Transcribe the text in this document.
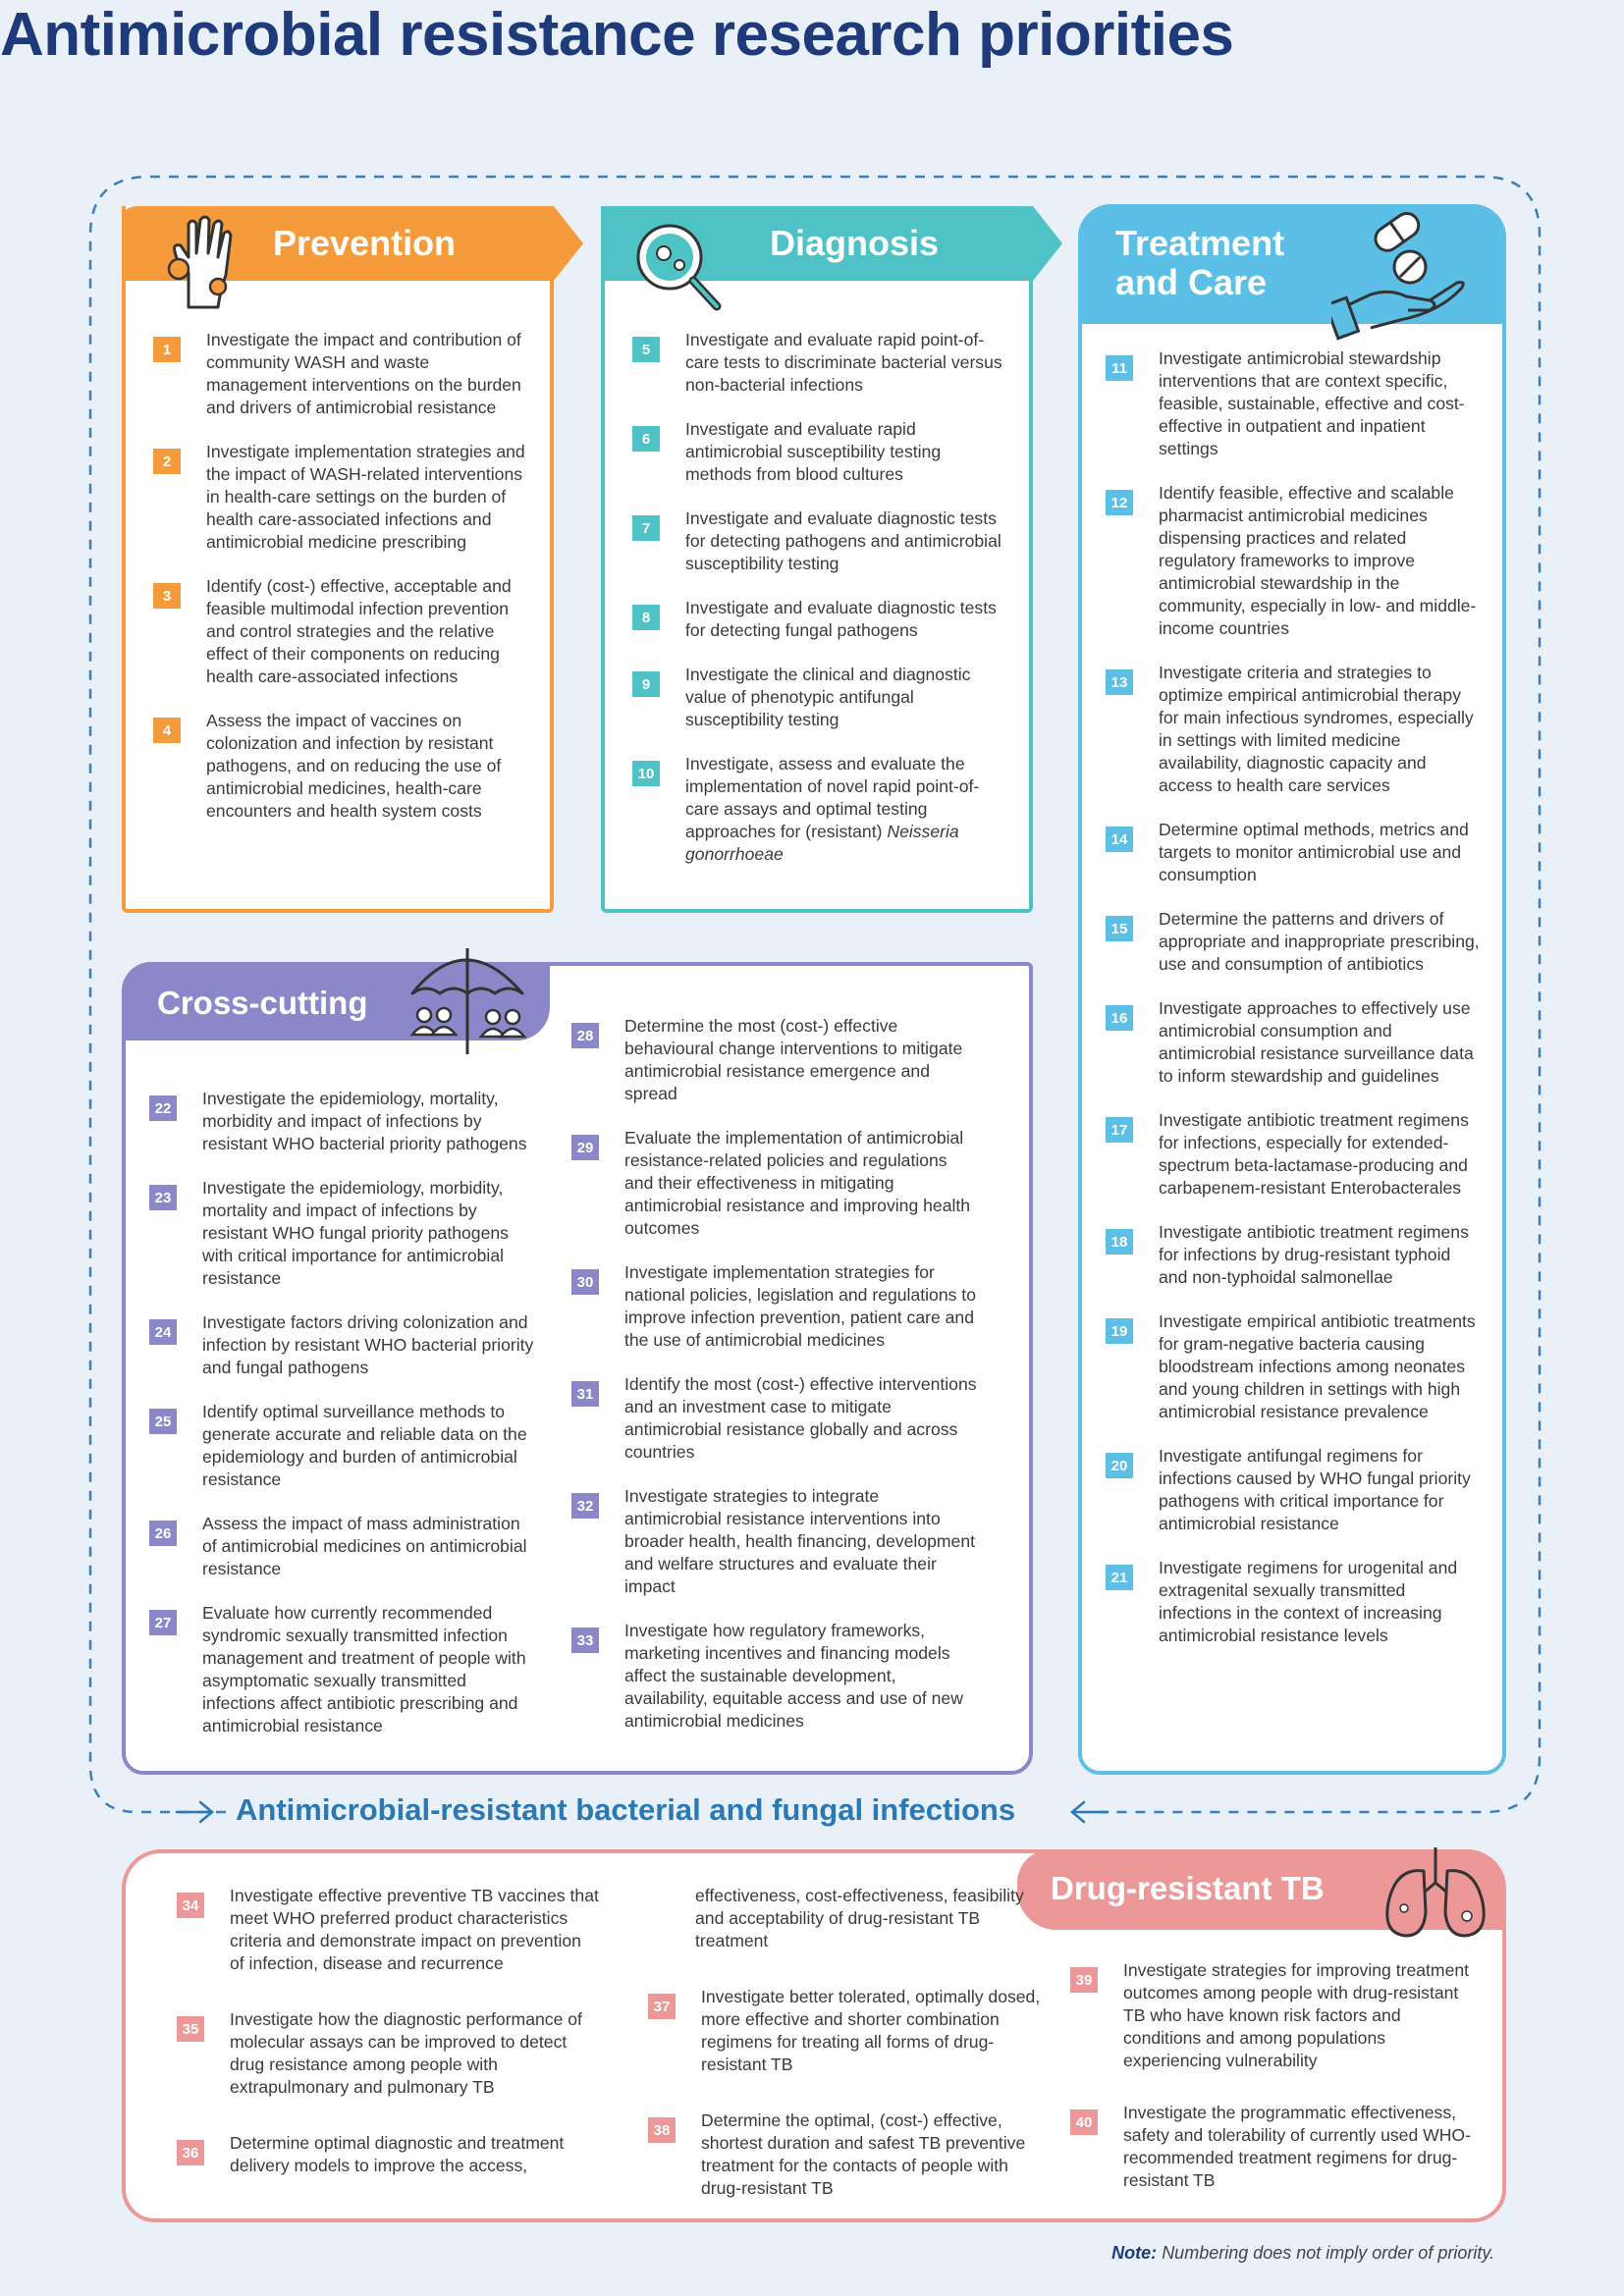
Antimicrobial resistance research priorities
Prevention
1	Investigate the impact and contribution of community WASH and waste management interventions on the burden and drivers of antimicrobial resistance
2	Investigate implementation strategies and the impact of WASH-related interventions in health-care settings on the burden of health care-associated infections and antimicrobial medicine prescribing
3	Identify (cost-) effective, acceptable and feasible multimodal infection prevention and control strategies and the relative effect of their components on reducing health care-associated infections
4	Assess the impact of vaccines on colonization and infection by resistant pathogens, and on reducing the use of antimicrobial medicines, health-care encounters and health system costs
Diagnosis
5	Investigate and evaluate rapid point-of-care tests to discriminate bacterial versus non-bacterial infections
6	Investigate and evaluate rapid antimicrobial susceptibility testing methods from blood cultures
7	Investigate and evaluate diagnostic tests for detecting pathogens and antimicrobial susceptibility testing
8	Investigate and evaluate diagnostic tests for detecting fungal pathogens
9	Investigate the clinical and diagnostic value of phenotypic antifungal susceptibility testing
10	Investigate, assess and evaluate the implementation of novel rapid point-of-care assays and optimal testing approaches for (resistant) Neisseria gonorrhoeae
Treatment
and Care
11	Investigate antimicrobial stewardship interventions that are context specific, feasible, sustainable, effective and cost-effective in outpatient and inpatient settings
12	Identify feasible, effective and scalable pharmacist antimicrobial medicines dispensing practices and related regulatory frameworks to improve antimicrobial stewardship in the community, especially in low- and middle-income countries
13	Investigate criteria and strategies to optimize empirical antimicrobial therapy for main infectious syndromes, especially in settings with limited medicine availability, diagnostic capacity and access to health care services
14	Determine optimal methods, metrics and targets to monitor antimicrobial use and consumption
15	Determine the patterns and drivers of appropriate and inappropriate prescribing, use and consumption of antibiotics
16	Investigate approaches to effectively use antimicrobial consumption and antimicrobial resistance surveillance data to inform stewardship and guidelines
17	Investigate antibiotic treatment regimens for infections, especially for extended-spectrum beta-lactamase-producing and carbapenem-resistant Enterobacterales
18	Investigate antibiotic treatment regimens for infections by drug-resistant typhoid and non-typhoidal salmonellae
19	Investigate empirical antibiotic treatments for gram-negative bacteria causing bloodstream infections among neonates and young children in settings with high antimicrobial resistance prevalence
20	Investigate antifungal regimens for infections caused by WHO fungal priority pathogens with critical importance for antimicrobial resistance
21	Investigate regimens for urogenital and extragenital sexually transmitted infections in the context of increasing antimicrobial resistance levels
Cross-cutting
22	Investigate the epidemiology, mortality, morbidity and impact of infections by resistant WHO bacterial priority pathogens
23	Investigate the epidemiology, morbidity, mortality and impact of infections by resistant WHO fungal priority pathogens with critical importance for antimicrobial resistance
24	Investigate factors driving colonization and infection by resistant WHO bacterial priority and fungal pathogens
25	Identify optimal surveillance methods to generate accurate and reliable data on the epidemiology and burden of antimicrobial resistance
26	Assess the impact of mass administration of antimicrobial medicines on antimicrobial resistance
27	Evaluate how currently recommended syndromic sexually transmitted infection management and treatment of people with asymptomatic sexually transmitted infections affect antibiotic prescribing and antimicrobial resistance
28	Determine the most (cost-) effective behavioural change interventions to mitigate antimicrobial resistance emergence and spread
29	Evaluate the implementation of antimicrobial resistance-related policies and regulations and their effectiveness in mitigating antimicrobial resistance and improving health outcomes
30	Investigate implementation strategies for national policies, legislation and regulations to improve infection prevention, patient care and the use of antimicrobial medicines
31	Identify the most (cost-) effective interventions and an investment case to mitigate antimicrobial resistance globally and across countries
32	Investigate strategies to integrate antimicrobial resistance interventions into broader health, health financing, development and welfare structures and evaluate their impact
33	Investigate how regulatory frameworks, marketing incentives and financing models affect the sustainable development, availability, equitable access and use of new antimicrobial medicines
Antimicrobial-resistant bacterial and fungal infections
Drug-resistant TB
34	Investigate effective preventive TB vaccines that meet WHO preferred product characteristics criteria and demonstrate impact on prevention of infection, disease and recurrence
35	Investigate how the diagnostic performance of molecular assays can be improved to detect drug resistance among people with extrapulmonary and pulmonary TB
36	Determine optimal diagnostic and treatment delivery models to improve the access,
effectiveness, cost-effectiveness, feasibility and acceptability of drug-resistant TB treatment
37	Investigate better tolerated, optimally dosed, more effective and shorter combination regimens for treating all forms of drug-resistant TB
38	Determine the optimal, (cost-) effective, shortest duration and safest TB preventive treatment for the contacts of people with drug-resistant TB
39	Investigate strategies for improving treatment outcomes among people with drug-resistant TB who have known risk factors and conditions and among populations experiencing vulnerability
40	Investigate the programmatic effectiveness, safety and tolerability of currently used WHO-recommended treatment regimens for drug-resistant TB
Note: Numbering does not imply order of priority.
